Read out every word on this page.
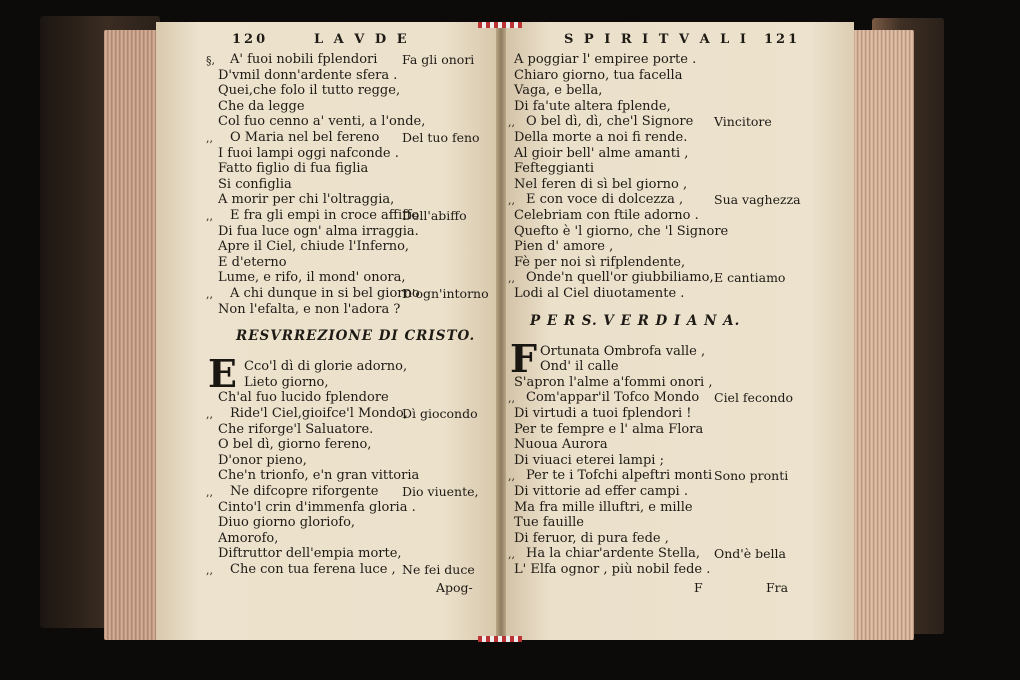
120	L A V D E
§, A' fuoi nobili fplendori Fa gli onori
D'vmil donn'ardente sfera .
Quei,che folo il tutto regge,
Che da legge
Col fuo cenno a' venti, a l'onde,
,, O Maria nel bel fereno Del tuo feno
I fuoi lampi oggi nafconde .
Fatto figlio di fua figlia
Si configlia
A morir per chi l'oltraggia,
,, E fra gli empi in croce affiffo
Dell'abiffo
Di fua luce ogn' alma irraggia.
Apre il Ciel, chiude l'Inferno,
E d'eterno
Lume, e rifo, il mond' onora,
,, A chi dunque in si bel giorno
D'ogn'intorno
Non l'efalta, e non l'adora ?
RESVRREZIONE DI CRISTO.
E Cco'l dì di glorie adorno,
Lieto giorno,
Ch'al fuo lucido fplendore
,, Ride'l Ciel,gioifce'l Mondo,
Dì giocondo
Che riforge'l Saluatore.
O bel dì, giorno fereno,
D'onor pieno,
Che'n trionfo, e'n gran vittoria
,, Ne difcopre riforgente Dio viuente,
Cinto'l crin d'immenfa gloria .
Diuo giorno gloriofo,
Amorofo,
Diftruttor dell'empia morte,
,, Che con tua ferena luce , Ne fei duce
Apog-
121
S P I R I T V A L I
A poggiar l' empiree porte .
Chiaro giorno, tua facella
Vaga, e bella,
Di fa'ute altera fplende,
,, O bel dì, dì, che'l Signore Vincitore
Della morte a noi fi rende.
Al gioir bell' alme amanti ,
Fefteggianti
Nel feren di sì bel giorno ,
,, E con voce di dolcezza , Sua vaghezza
Celebriam con ftile adorno .
Quefto è 'l giorno, che 'l Signore
Pien d' amore ,
Fè per noi sì rifplendente,
,, Onde'n quell'or giubbiliamo, E cantiamo
Lodi al Ciel diuotamente .
P E R S. V E R D I A N A.
F Ortunata Ombrofa valle ,
Ond' il calle
S'apron l'alme a'fommi onori ,
,, Com'appar'il Tofco Mondo Ciel fecondo
Di virtudi a tuoi fplendori !
Per te fempre e l' alma Flora
Nuoua Aurora
Di viuaci eterei lampi ;
,, Per te i Tofchi alpeftri monti Sono pronti
Di vittorie ad effer campi .
Ma fra mille illuftri, e mille
Tue fauille
Di feruor, di pura fede ,
,, Ha la chiar'ardente Stella, Ond'è bella
L' Elfa ognor , più nobil fede .
F	Fra
